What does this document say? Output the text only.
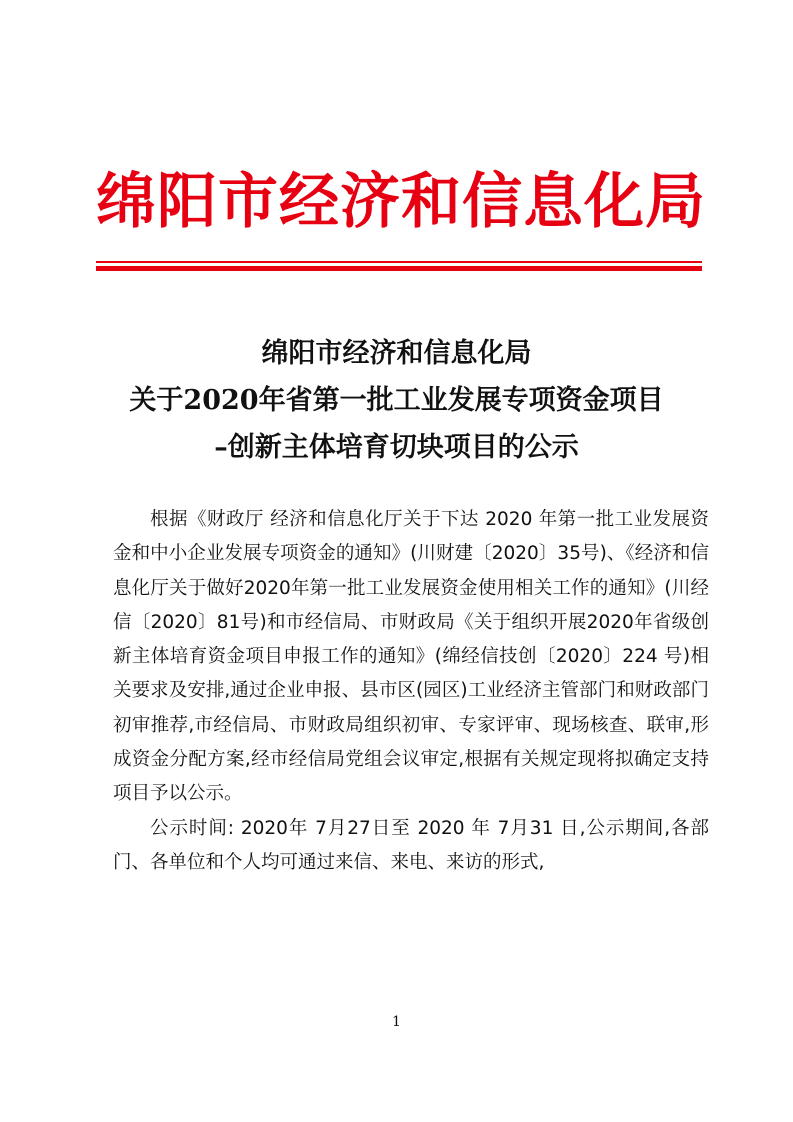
绵阳市经济和信息化局
绵阳市经济和信息化局
关于2020年省第一批工业发展专项资金项目
–创新主体培育切块项目的公示

根据《财政厅 经济和信息化厅关于下达 2020 年第一批工业发展资金和中小企业发展专项资金的通知》(川财建〔2020〕35号)、《经济和信息化厅关于做好2020年第一批工业发展资金使用相关工作的通知》(川经信〔2020〕81号)和市经信局、市财政局《关于组织开展2020年省级创新主体培育资金项目申报工作的通知》(绵经信技创〔2020〕224 号)相关要求及安排,通过企业申报、县市区(园区)工业经济主管部门和财政部门初审推荐,市经信局、市财政局组织初审、专家评审、现场核查、联审,形成资金分配方案,经市经信局党组会议审定,根据有关规定现将拟确定支持项目予以公示。

公示时间: 2020年 7月27日至 2020 年 7月31 日,公示期间,各部门、各单位和个人均可通过来信、来电、来访的形式,

1
